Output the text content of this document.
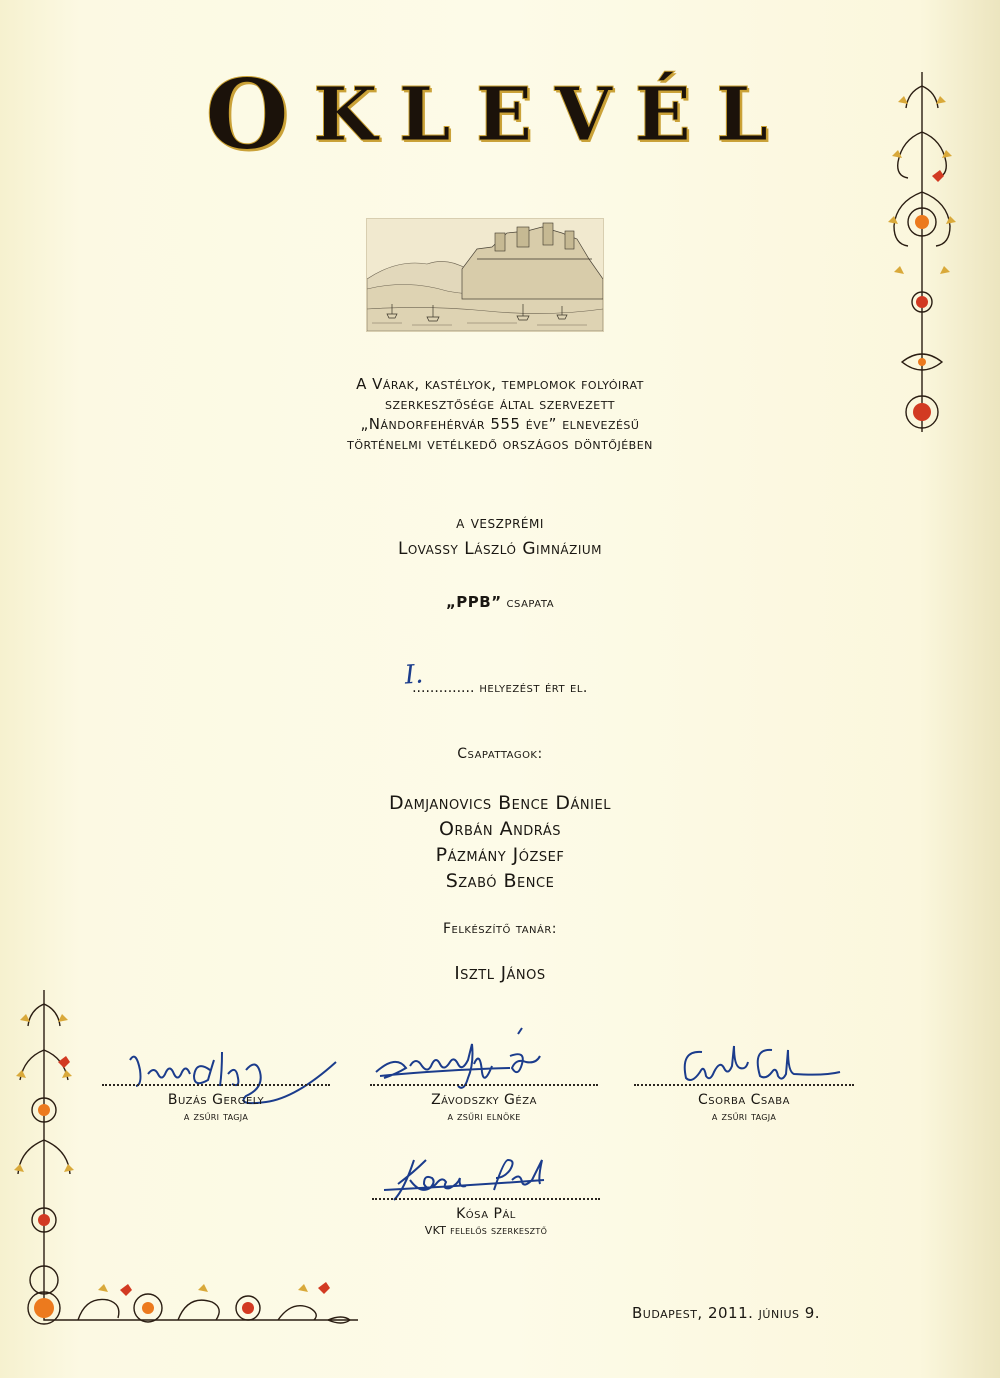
O K L E V É L
A Várak, kastélyok, templomok folyóirat
szerkesztősége által szervezett
„Nándorfehérvár 555 éve” elnevezésű
történelmi vetélkedő országos döntőjében
a veszprémi
Lovassy László Gimnázium
„PPB” csapata
I.
.............. helyezést ért el.
Csapattagok:
Damjanovics Bence Dániel
Orbán András
Pázmány József
Szabó Bence
Felkészítő tanár:
Isztl János
Buzás Gergely
a zsűri tagja
Závodszky Géza
a zsűri elnöke
Csorba Csaba
a zsűri tagja
Kósa Pál
VKT felelős szerkesztő
Budapest, 2011. június 9.
